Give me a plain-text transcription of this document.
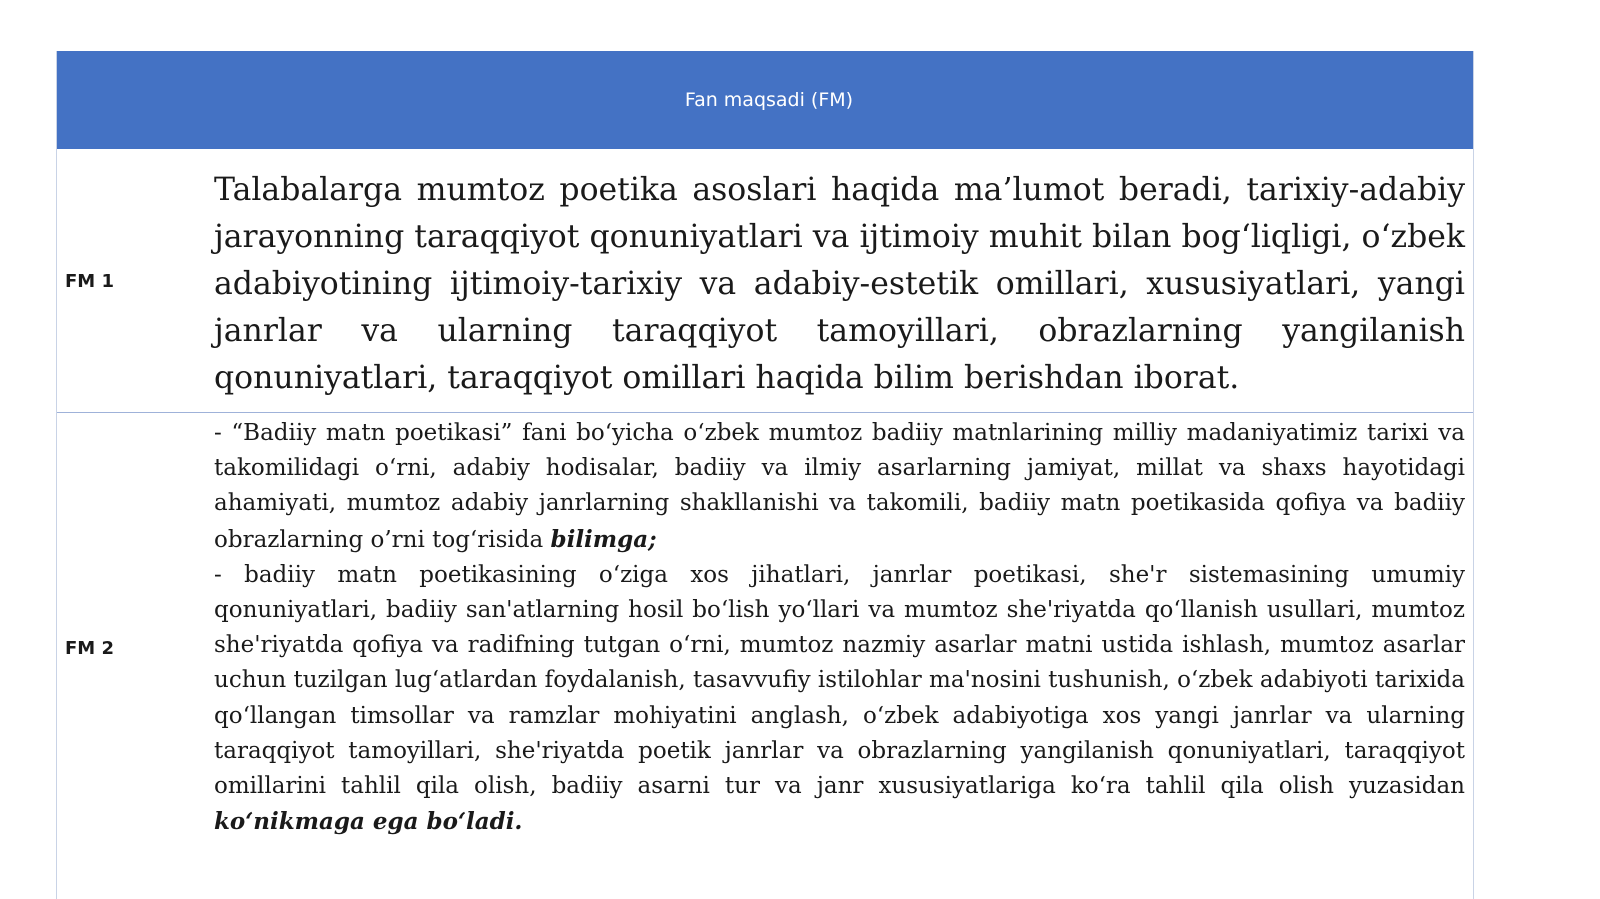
Fan maqsadi (FM)
FM 1
Talabalarga mumtoz poetika asoslari haqida ma’lumot beradi, tarixiy-adabiy jarayonning taraqqiyot qonuniyatlari va ijtimoiy muhit bilan bog‘liqligi, o‘zbek adabiyotining ijtimoiy-tarixiy va adabiy-estetik omillari, xususiyatlari, yangi janrlar va ularning taraqqiyot tamoyillari, obrazlarning yangilanish qonuniyatlari, taraqqiyot omillari haqida bilim berishdan iborat.
FM 2

- “Badiiy matn poetikasi” fani bo‘yicha o‘zbek mumtoz badiiy matnlarining milliy madaniyatimiz tarixi va takomilidagi o‘rni, adabiy hodisalar, badiiy va ilmiy asarlarning jamiyat, millat va shaxs hayotidagi ahamiyati, mumtoz adabiy janrlarning shakllanishi va takomili, badiiy matn poetikasida qofiya va badiiy obrazlarning o’rni tog‘risida bilimga;

- badiiy matn poetikasining o‘ziga xos jihatlari, janrlar poetikasi, she'r sistemasining umumiy qonuniyatlari, badiiy san'atlarning hosil bo‘lish yo‘llari va mumtoz she'riyatda qo‘llanish usullari, mumtoz she'riyatda qofiya va radifning tutgan o‘rni, mumtoz nazmiy asarlar matni ustida ishlash, mumtoz asarlar uchun tuzilgan lug‘atlardan foydalanish, tasavvufiy istilohlar ma'nosini tushunish, o‘zbek adabiyoti tarixida qo‘llangan timsollar va ramzlar mohiyatini anglash, o‘zbek adabiyotiga xos yangi janrlar va ularning taraqqiyot tamoyillari, she'riyatda poetik janrlar va obrazlarning yangilanish qonuniyatlari, taraqqiyot omillarini tahlil qila olish, badiiy asarni tur va janr xususiyatlariga ko‘ra tahlil qila olish yuzasidan ko‘nikmaga ega bo‘ladi.
